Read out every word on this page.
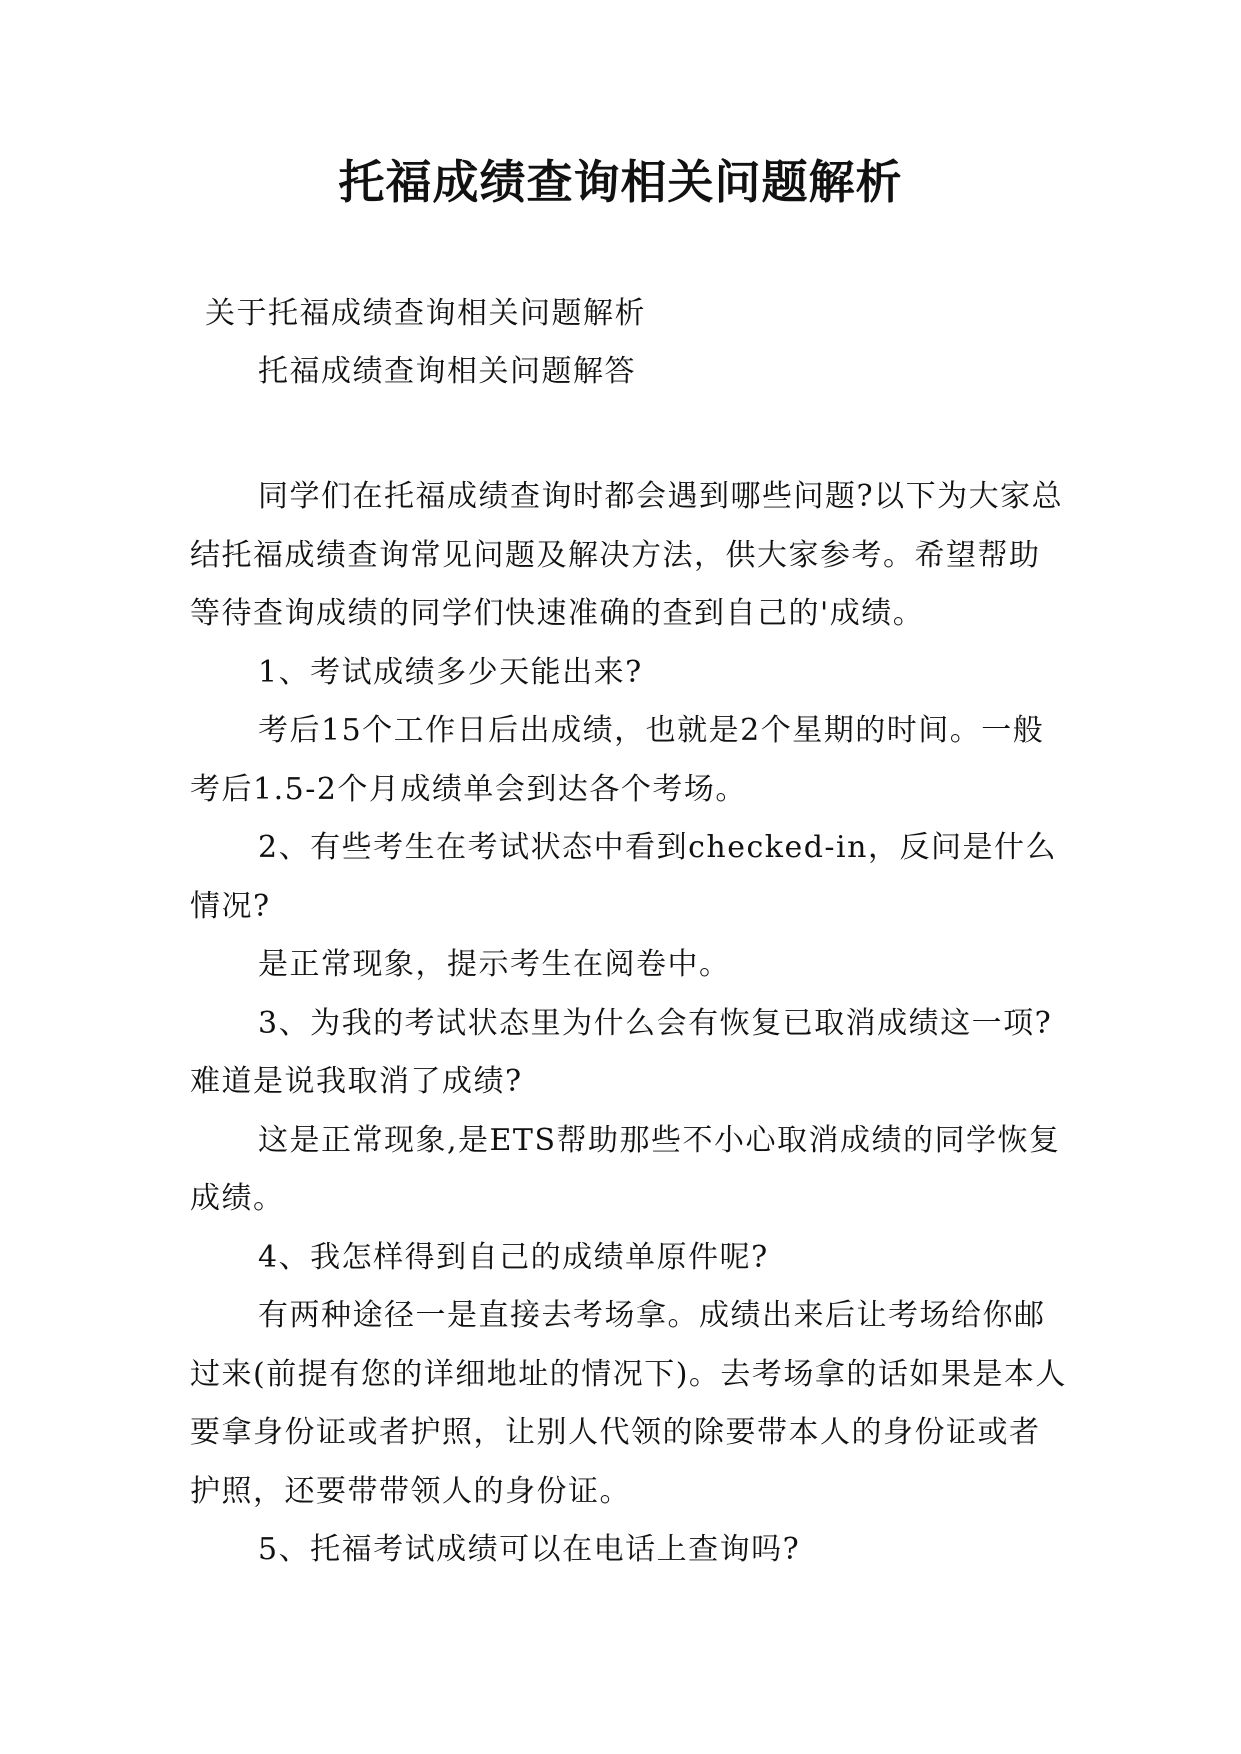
托福成绩查询相关问题解析
关于托福成绩查询相关问题解析
托福成绩查询相关问题解答

同学们在托福成绩查询时都会遇到哪些问题?以下为大家总结托福成绩查询常见问题及解决方法，供大家参考。希望帮助等待查询成绩的同学们快速准确的查到自己的'成绩。

1、考试成绩多少天能出来?

考后15个工作日后出成绩，也就是2个星期的时间。一般考后1.5-2个月成绩单会到达各个考场。

2、有些考生在考试状态中看到checked-in，反问是什么情况?

是正常现象，提示考生在阅卷中。

3、为我的考试状态里为什么会有恢复已取消成绩这一项?难道是说我取消了成绩?

这是正常现象,是ETS帮助那些不小心取消成绩的同学恢复成绩。

4、我怎样得到自己的成绩单原件呢?

有两种途径一是直接去考场拿。成绩出来后让考场给你邮过来(前提有您的详细地址的情况下)。去考场拿的话如果是本人要拿身份证或者护照，让别人代领的除要带本人的身份证或者护照，还要带带领人的身份证。

5、托福考试成绩可以在电话上查询吗?
